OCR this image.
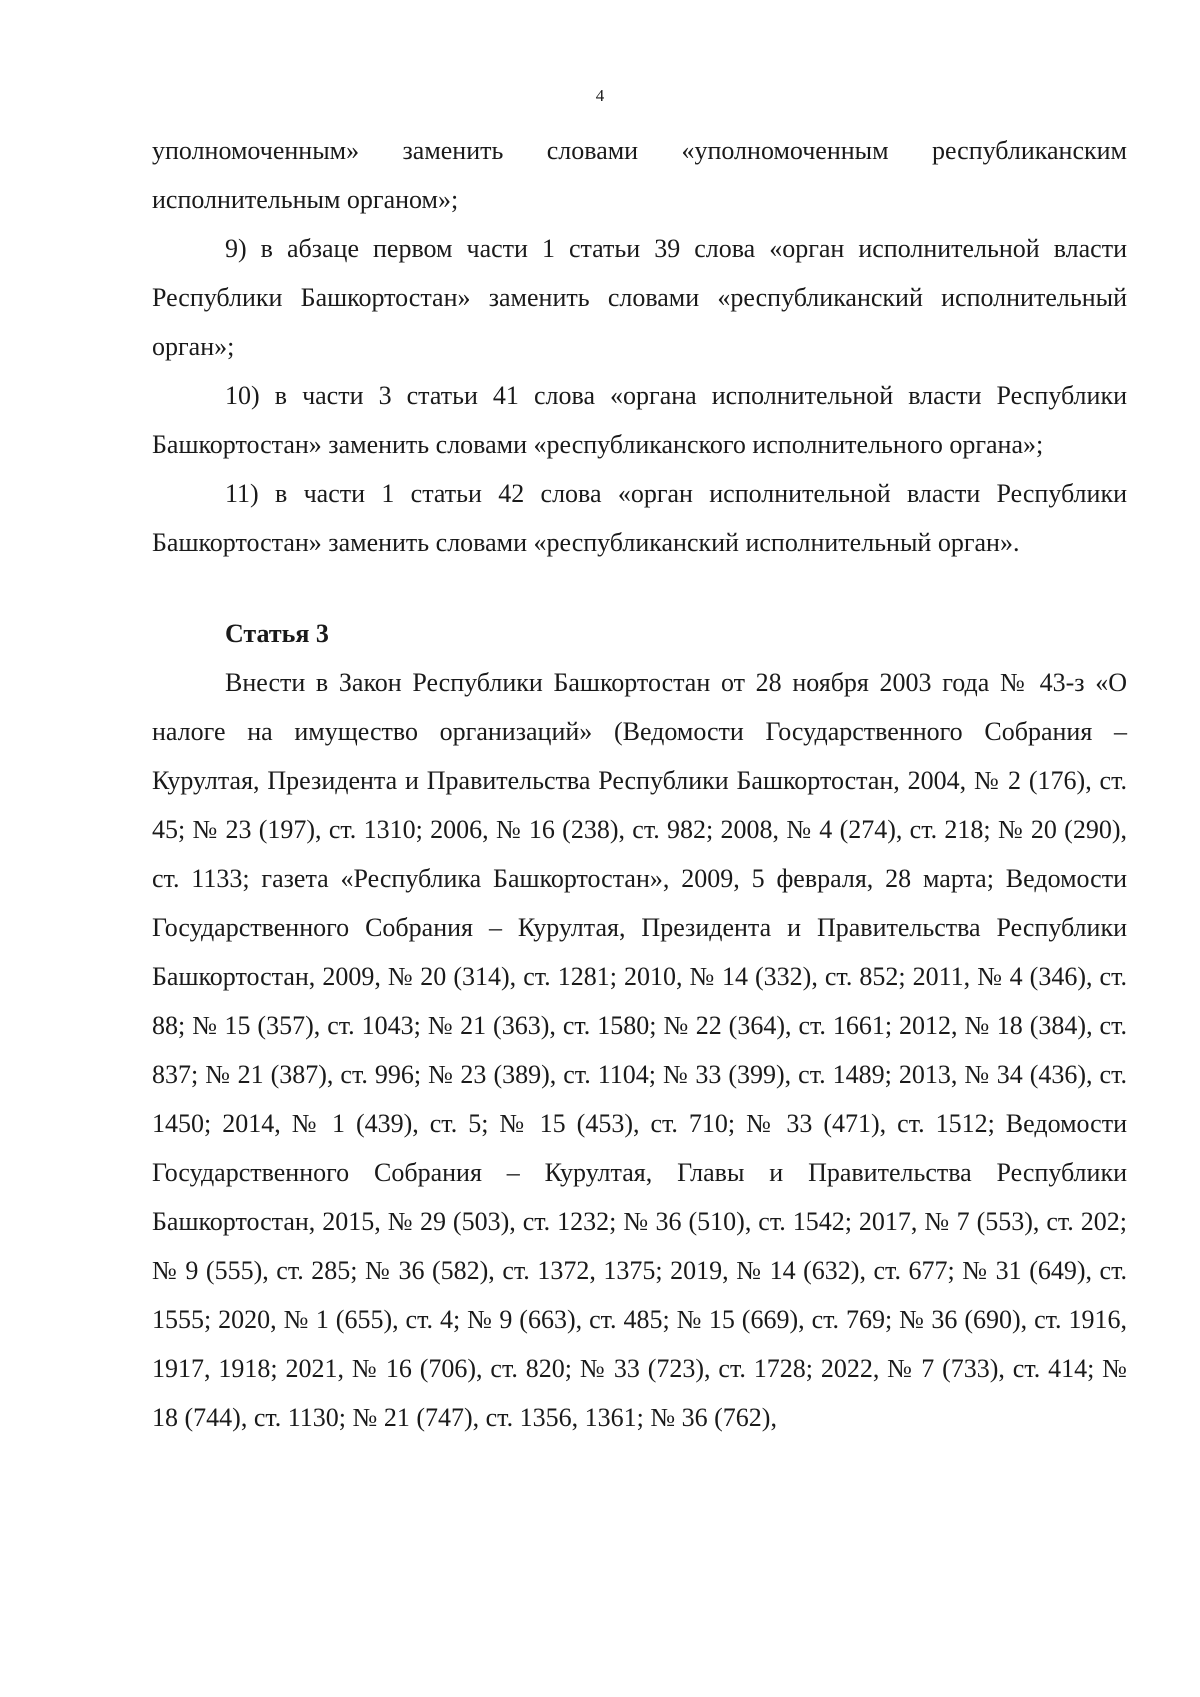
4

уполномоченным» заменить словами «уполномоченным республиканским исполнительным органом»;

9) в абзаце первом части 1 статьи 39 слова «орган исполнительной власти Республики Башкортостан» заменить словами «республиканский исполнительный орган»;

10) в части 3 статьи 41 слова «органа исполнительной власти Республики Башкортостан» заменить словами «республиканского исполнительного органа»;

11) в части 1 статьи 42 слова «орган исполнительной власти Республики Башкортостан» заменить словами «республиканский исполнительный орган».

Статья 3

Внести в Закон Республики Башкортостан от 28 ноября 2003 года № 43-з «О налоге на имущество организаций» (Ведомости Государственного Собрания – Курултая, Президента и Правительства Республики Башкортостан, 2004, № 2 (176), ст. 45; № 23 (197), ст. 1310; 2006, № 16 (238), ст. 982; 2008, № 4 (274), ст. 218; № 20 (290), ст. 1133; газета «Республика Башкортостан», 2009, 5 февраля, 28 марта; Ведомости Государственного Собрания – Курултая, Президента и Правительства Республики Башкортостан, 2009, № 20 (314), ст. 1281; 2010, № 14 (332), ст. 852; 2011, № 4 (346), ст. 88; № 15 (357), ст. 1043; № 21 (363), ст. 1580; № 22 (364), ст. 1661; 2012, № 18 (384), ст. 837; № 21 (387), ст. 996; № 23 (389), ст. 1104; № 33 (399), ст. 1489; 2013, № 34 (436), ст. 1450; 2014, № 1 (439), ст. 5; № 15 (453), ст. 710; № 33 (471), ст. 1512; Ведомости Государственного Собрания – Курултая, Главы и Правительства Республики Башкортостан, 2015, № 29 (503), ст. 1232; № 36 (510), ст. 1542; 2017, № 7 (553), ст. 202; № 9 (555), ст. 285; № 36 (582), ст. 1372, 1375; 2019, № 14 (632), ст. 677; № 31 (649), ст. 1555; 2020, № 1 (655), ст. 4; № 9 (663), ст. 485; № 15 (669), ст. 769; № 36 (690), ст. 1916, 1917, 1918; 2021, № 16 (706), ст. 820; № 33 (723), ст. 1728; 2022, № 7 (733), ст. 414; № 18 (744), ст. 1130; № 21 (747), ст. 1356, 1361; № 36 (762),
